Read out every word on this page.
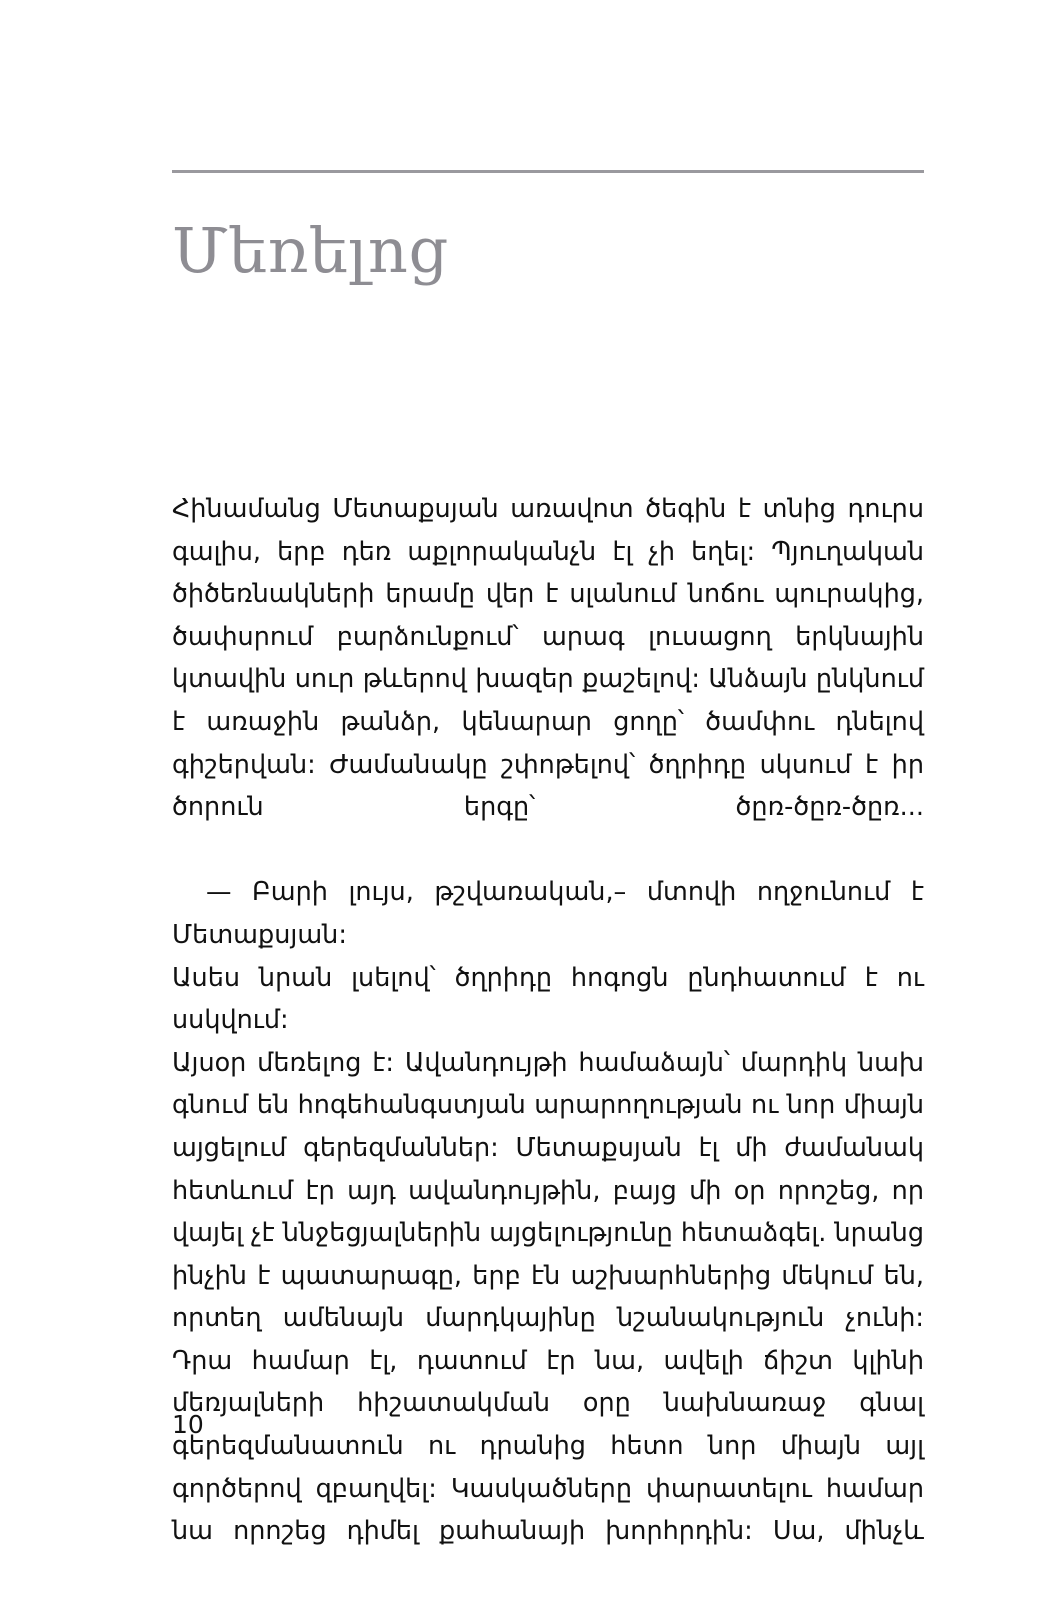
Մեռելոց

Հինամանց Մետաքսյան առավոտ ծեգին է տնից դուրս գալիս, երբ դեռ աքլորականչն էլ չի եղել: Պյուղական ծիծեռնակների երամը վեր է սլանում նոճու պուրակից, ծափսրում բարձունքում՝ արագ լուսացող երկնային կտավին սուր թևերով խազեր քաշելով: Անձայն ընկնում է առաջին թանձր, կենարար ցողը՝ ծամփու դնելով գիշերվան: Ժամանակը շփոթելով՝ ծղրիդը սկսում է իր ծորուն երգը՝ ծըռ-ծըռ-ծըռ...

— Բարի լույս, թշվառական,– մտովի ողջունում է Մետաքսյան:

Ասես նրան լսելով՝ ծղրիդը հոգոցն ընդհատում է ու սսկվում:

Այսօր մեռելոց է: Ավանդույթի համաձայն՝ մարդիկ նախ գնում են հոգեհանգստյան արարողության ու նոր միայն այցելում գերեզմաններ: Մետաքսյան էլ մի ժամանակ հետևում էր այդ ավանդույթին, բայց մի օր որոշեց, որ վայել չէ ննջեցյալներին այցելությունը հետաձգել. նրանց ինչին է պատարագը, երբ էն աշխարհներից մեկում են, որտեղ ամենայն մարդկայինը նշանակություն չունի: Դրա համար էլ, դատում էր նա, ավելի ճիշտ կլինի մեռյալների հիշատակման օրը նախնառաջ գնալ գերեզմանատուն ու դրանից հետո նոր միայն այլ գործերով զբաղվել: Կասկածները փարատելու համար նա որոշեց դիմել քահանայի խորհրդին: Սա, մինչև

10
